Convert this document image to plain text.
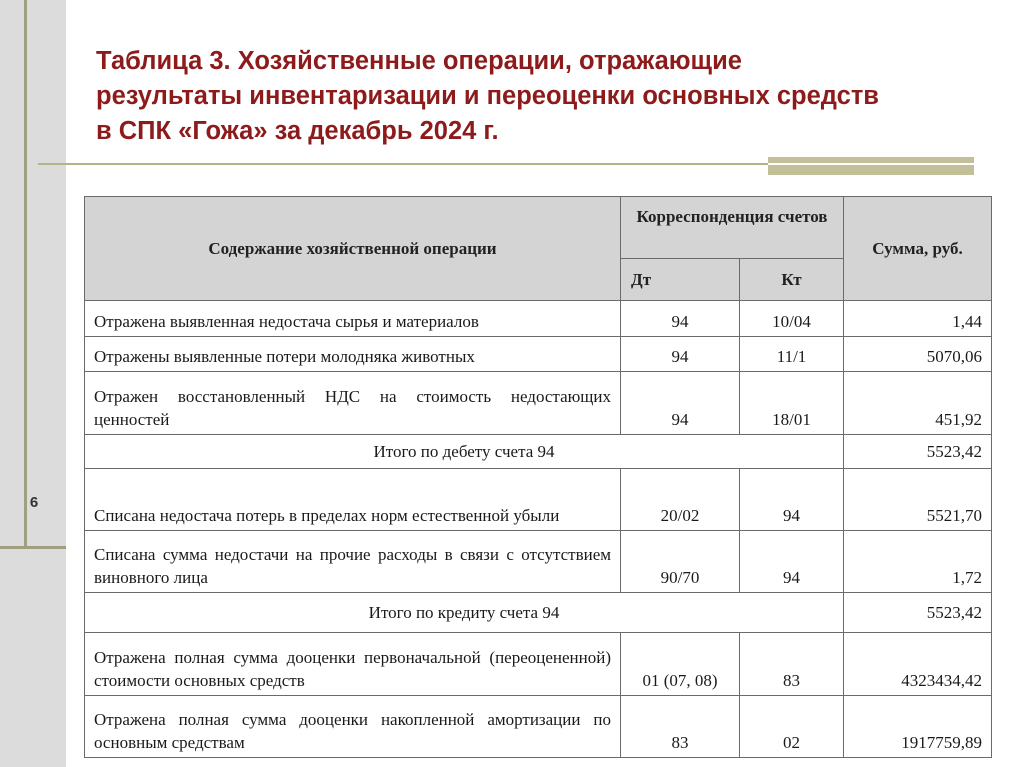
6
Таблица 3. Хозяйственные операции, отражающие
результаты инвентаризации и переоценки основных средств
в СПК «Гожа» за декабрь 2024 г.
Содержание хозяйственной операции	Корреспонденция счетов		Сумма, руб.
	Дт	Кт	
Отражена выявленная недостача сырья и материалов	94	10/04	1,44
Отражены выявленные потери молодняка животных	94	11/1	5070,06
Отражен восстановленный НДС на стоимость недостающих ценностей	94	18/01	451,92
Итого по дебету счета 94			5523,42
Списана недостача потерь в пределах норм естественной убыли	20/02	94	5521,70
Списана сумма недостачи на прочие расходы в связи с отсутствием виновного лица	90/70	94	1,72
Итого по кредиту счета 94			5523,42
Отражена полная сумма дооценки первоначальной (переоцененной) стоимости основных средств	01 (07, 08)	83	4323434,42
Отражена полная сумма дооценки накопленной амортизации по основным средствам	83	02	1917759,89
